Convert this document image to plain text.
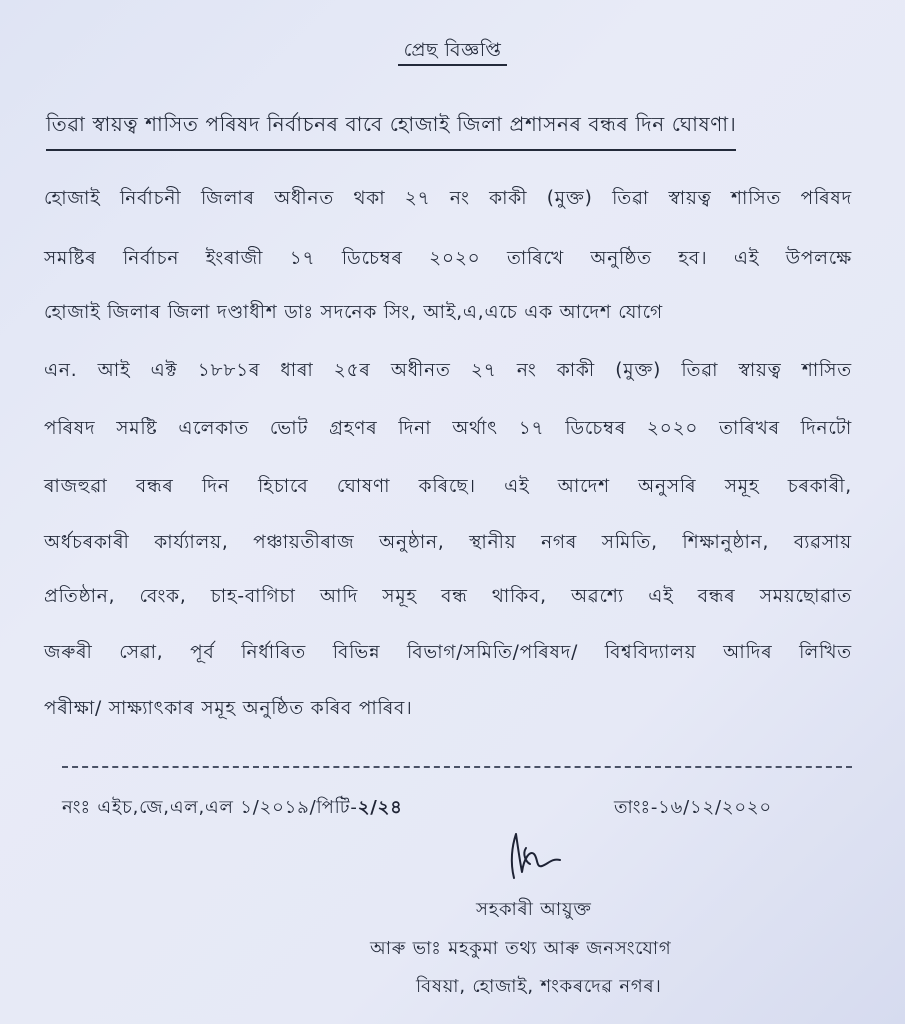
প্ৰেছ বিজ্ঞপ্তি
তিৱা স্বায়ত্ব শাসিত পৰিষদ নিৰ্বাচনৰ বাবে হোজাই জিলা প্ৰশাসনৰ বন্ধৰ দিন ঘোষণা।
হোজাই নিৰ্বাচনী জিলাৰ অধীনত থকা ২৭ নং কাকী (মুক্ত) তিৱা স্বায়ত্ব শাসিত পৰিষদ
সমষ্টিৰ নিৰ্বাচন ইংৰাজী ১৭ ডিচেম্বৰ ২০২০ তাৰিখে অনুষ্ঠিত হব। এই উপলক্ষে
হোজাই জিলাৰ জিলা দণ্ডাধীশ ডাঃ সদনেক সিং, আই,এ,এচে এক আদেশ যোগে
এন. আই এক্ট ১৮৮১ৰ ধাৰা ২৫ৰ অধীনত ২৭ নং কাকী (মুক্ত) তিৱা স্বায়ত্ব শাসিত
পৰিষদ সমষ্টি এলেকাত ভোট গ্ৰহণৰ দিনা অৰ্থাৎ ১৭ ডিচেম্বৰ ২০২০ তাৰিখৰ দিনটো
ৰাজহুৱা বন্ধৰ দিন হিচাবে ঘোষণা কৰিছে। এই আদেশ অনুসৰি সমূহ চৰকাৰী,
অৰ্ধচৰকাৰী কাৰ্য্যালয়, পঞ্চায়তীৰাজ অনুষ্ঠান, স্থানীয় নগৰ সমিতি, শিক্ষানুষ্ঠান, ব্যৱসায়
প্ৰতিষ্ঠান, বেংক, চাহ-বাগিচা আদি সমূহ বন্ধ থাকিব, অৱশ্যে এই বন্ধৰ সময়ছোৱাত
জৰুৰী সেৱা, পূৰ্ব নিৰ্ধাৰিত বিভিন্ন বিভাগ/সমিতি/পৰিষদ/ বিশ্ববিদ্যালয় আদিৰ লিখিত
পৰীক্ষা/ সাক্ষ্যাৎকাৰ সমূহ অনুষ্ঠিত কৰিব পাৰিব।
নংঃ এইচ,জে,এল,এল ১/২০১৯/পিটি-২/২৪	তাংঃ-১৬/১২/২০২০
সহকাৰী আয়ুক্ত
আৰু ভাঃ মহকুমা তথ্য আৰু জনসংযোগ
বিষয়া, হোজাই, শংকৰদেৱ নগৰ।
